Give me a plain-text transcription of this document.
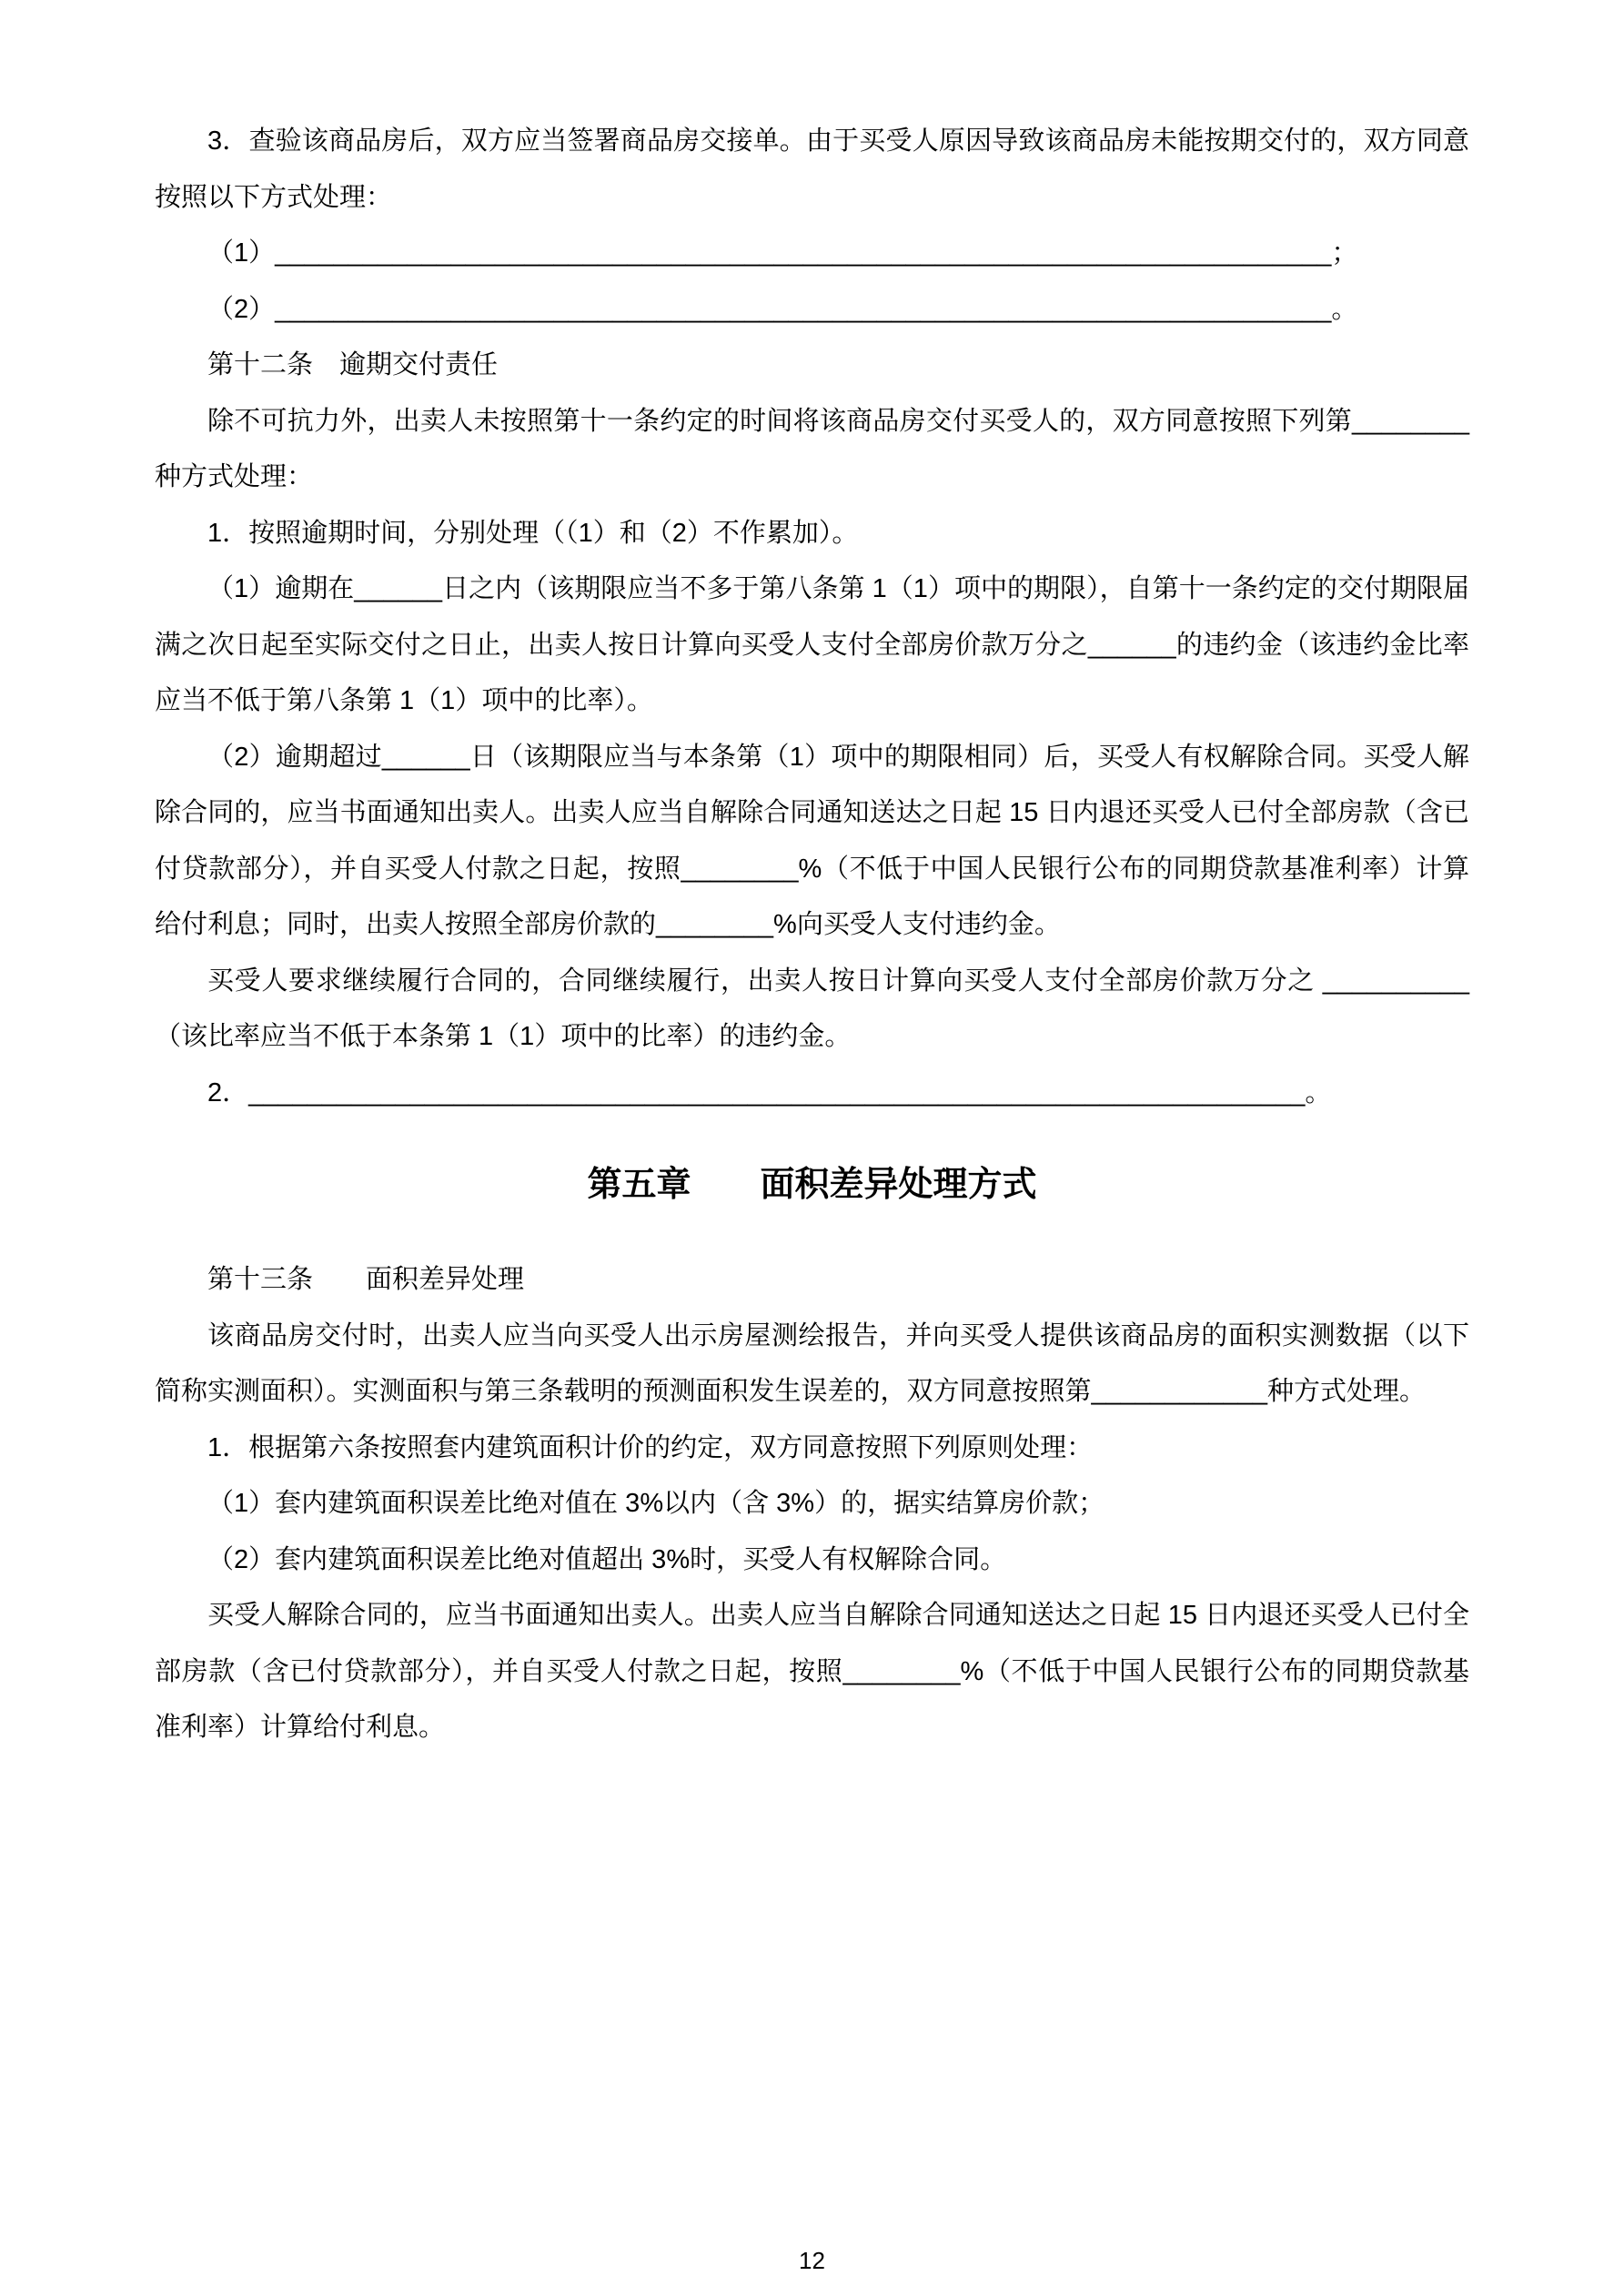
3．查验该商品房后，双方应当签署商品房交接单。由于买受人原因导致该商品房未能按期交付的，双方同意按照以下方式处理：

（1）________________________________________________________________________；

（2）________________________________________________________________________。

第十二条　逾期交付责任

除不可抗力外，出卖人未按照第十一条约定的时间将该商品房交付买受人的，双方同意按照下列第________种方式处理：

1．按照逾期时间，分别处理（（1）和（2）不作累加）。

（1）逾期在______日之内（该期限应当不多于第八条第 1（1）项中的期限），自第十一条约定的交付期限届满之次日起至实际交付之日止，出卖人按日计算向买受人支付全部房价款万分之______的违约金（该违约金比率应当不低于第八条第 1（1）项中的比率）。

（2）逾期超过______日（该期限应当与本条第（1）项中的期限相同）后，买受人有权解除合同。买受人解除合同的，应当书面通知出卖人。出卖人应当自解除合同通知送达之日起 15 日内退还买受人已付全部房款（含已付贷款部分），并自买受人付款之日起，按照________%（不低于中国人民银行公布的同期贷款基准利率）计算给付利息；同时，出卖人按照全部房价款的________%向买受人支付违约金。

买受人要求继续履行合同的，合同继续履行，出卖人按日计算向买受人支付全部房价款万分之 __________ （该比率应当不低于本条第 1（1）项中的比率）的违约金。

2．________________________________________________________________________。

第五章　　面积差异处理方式

第十三条　　面积差异处理

该商品房交付时，出卖人应当向买受人出示房屋测绘报告，并向买受人提供该商品房的面积实测数据（以下简称实测面积）。实测面积与第三条载明的预测面积发生误差的，双方同意按照第____________种方式处理。

1．根据第六条按照套内建筑面积计价的约定，双方同意按照下列原则处理：

（1）套内建筑面积误差比绝对值在 3%以内（含 3%）的，据实结算房价款；

（2）套内建筑面积误差比绝对值超出 3%时，买受人有权解除合同。

买受人解除合同的，应当书面通知出卖人。出卖人应当自解除合同通知送达之日起 15 日内退还买受人已付全部房款（含已付贷款部分），并自买受人付款之日起，按照________%（不低于中国人民银行公布的同期贷款基准利率）计算给付利息。

12
